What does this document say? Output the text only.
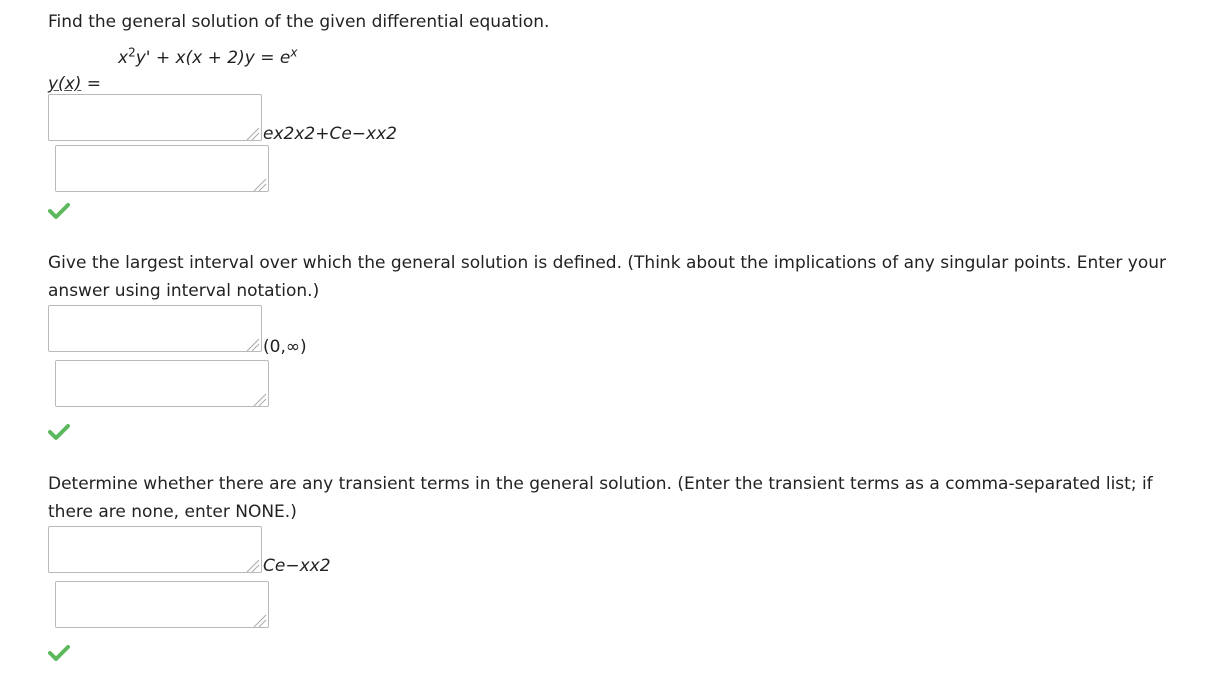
Find the general solution of the given differential equation.
$x^2y' + x(x + 2)y = e^x$
y(x) =
ex2x2+Ce−xx2
Give the largest interval over which the general solution is defined. (Think about the implications of any singular points. Enter your answer using interval notation.)
(0,∞)
Determine whether there are any transient terms in the general solution. (Enter the transient terms as a comma-separated list; if there are none, enter NONE.)
Ce−xx2
